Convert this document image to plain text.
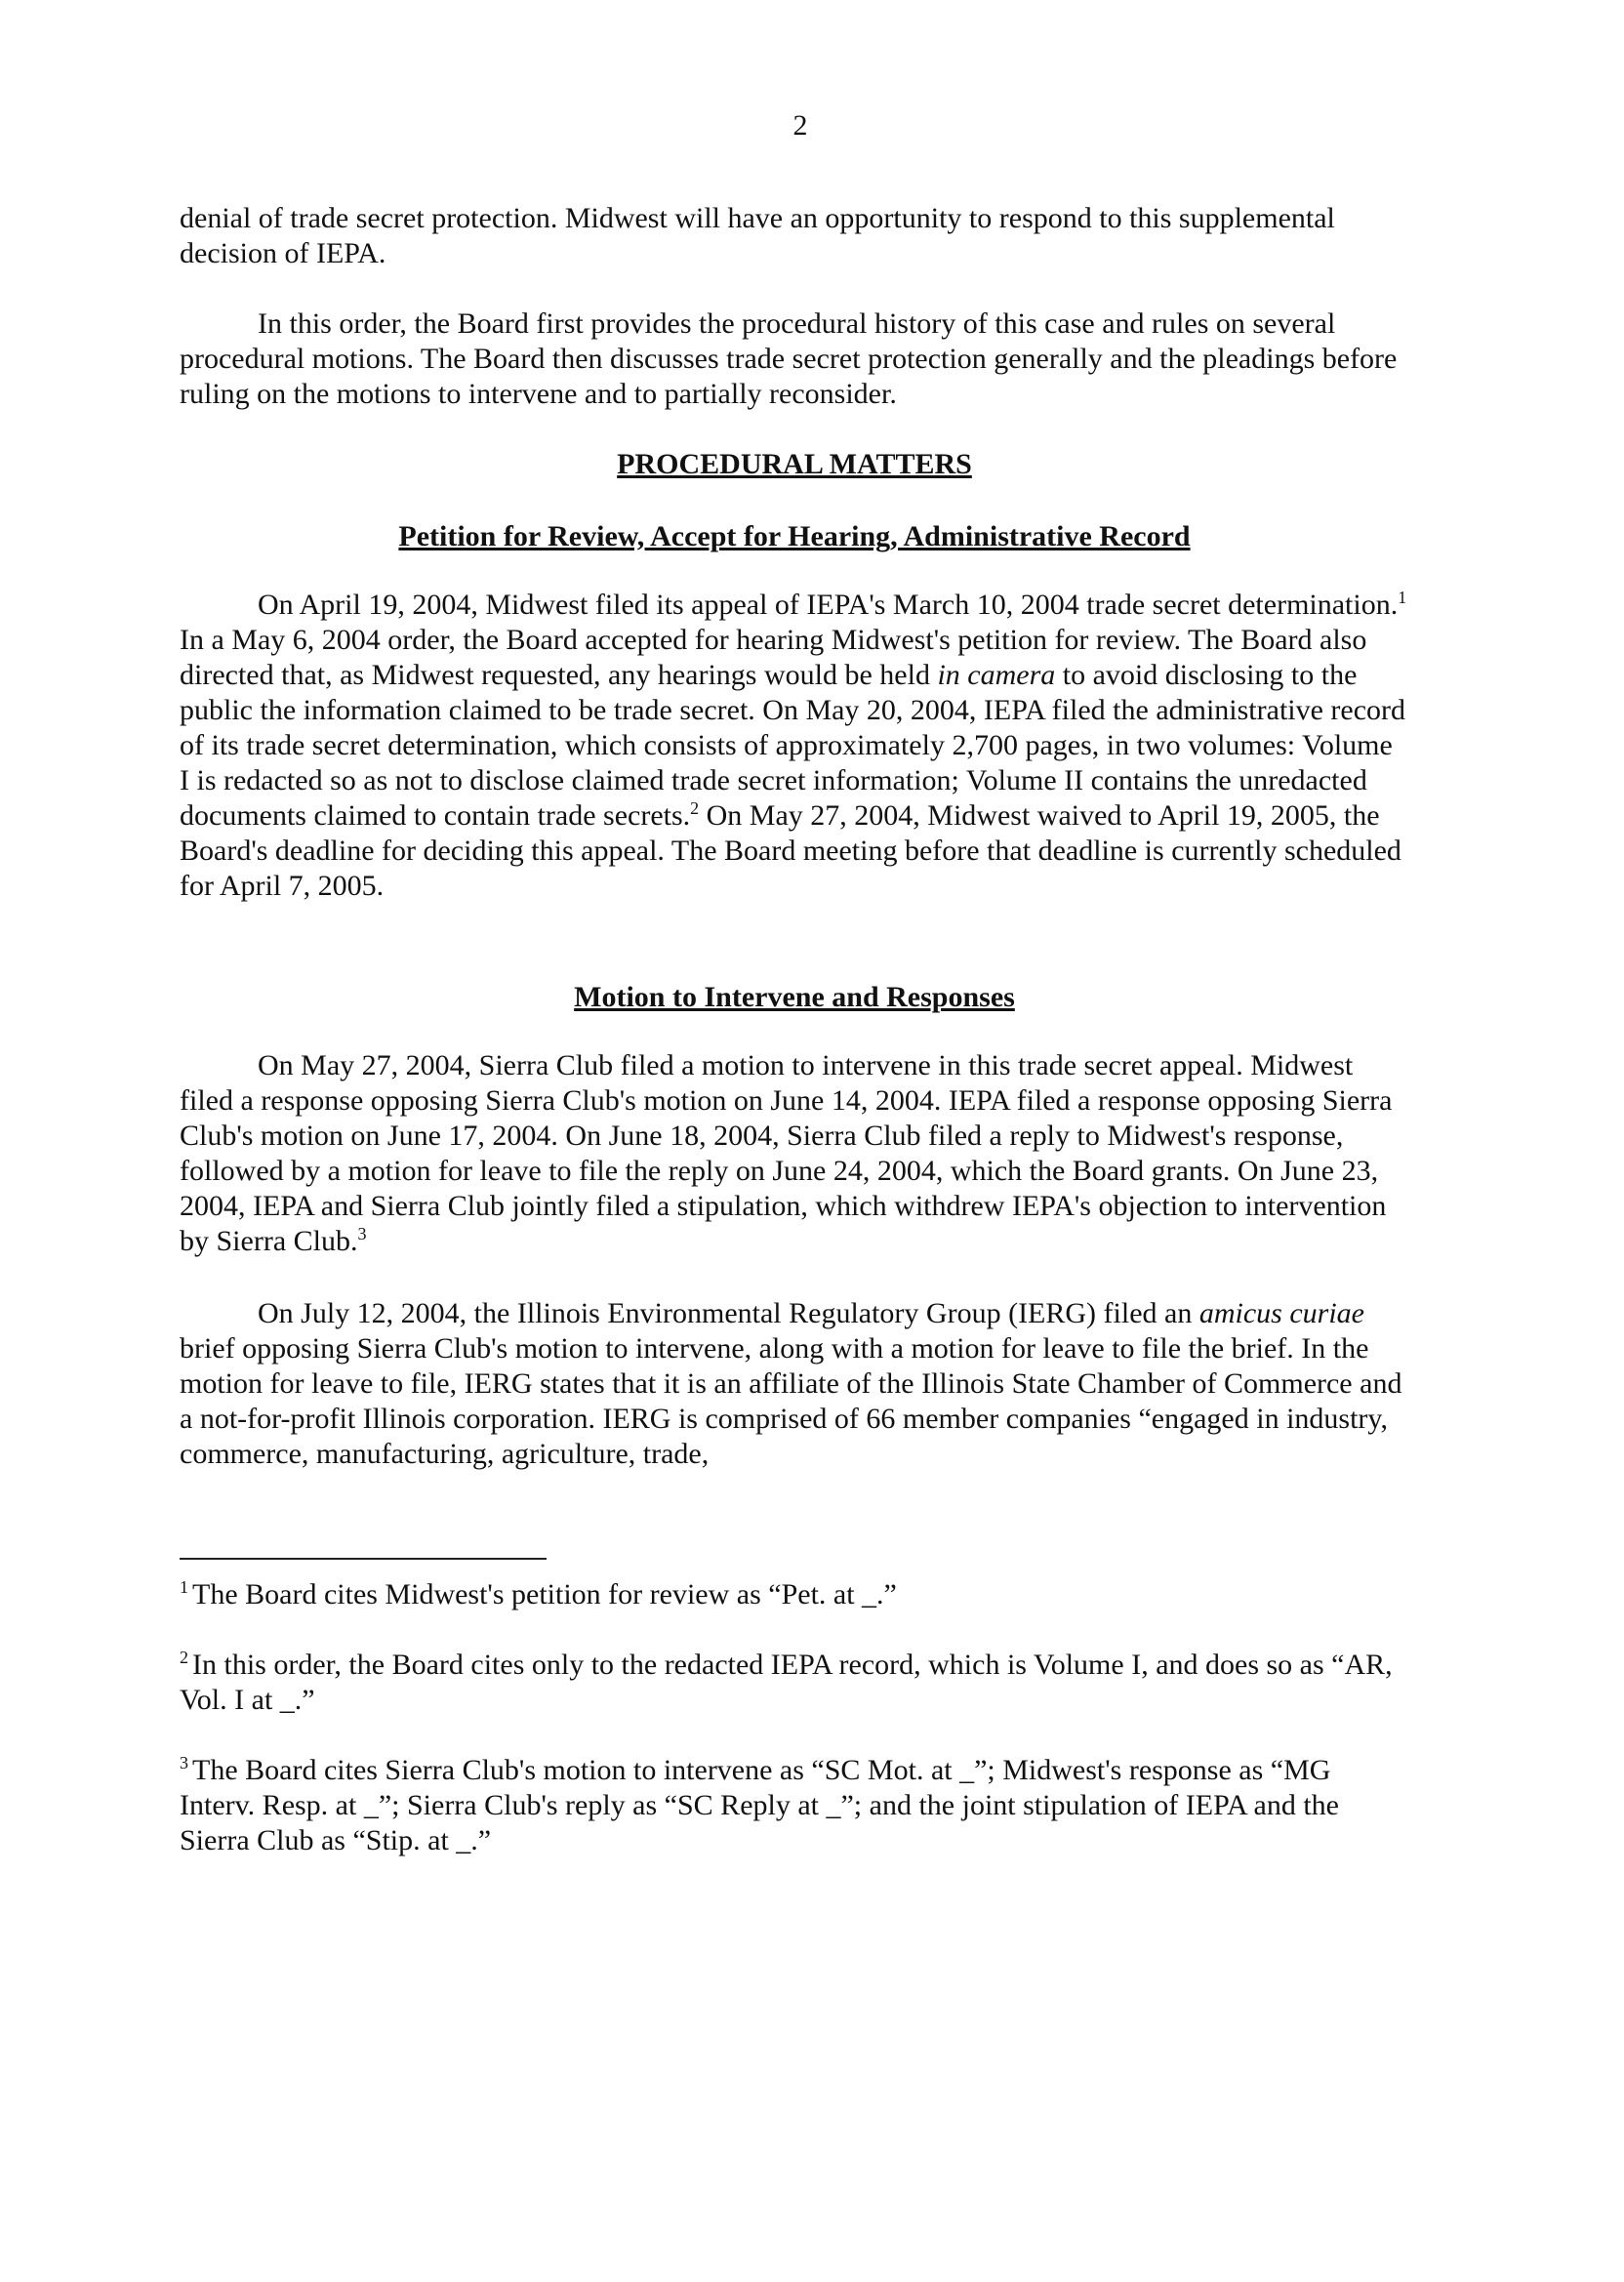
2

denial of trade secret protection. Midwest will have an opportunity to respond to this supplemental decision of IEPA.

In this order, the Board first provides the procedural history of this case and rules on several procedural motions. The Board then discusses trade secret protection generally and the pleadings before ruling on the motions to intervene and to partially reconsider.

PROCEDURAL MATTERS
Petition for Review, Accept for Hearing, Administrative Record

On April 19, 2004, Midwest filed its appeal of IEPA's March 10, 2004 trade secret determination.$^1$ In a May 6, 2004 order, the Board accepted for hearing Midwest's petition for review. The Board also directed that, as Midwest requested, any hearings would be held in camera to avoid disclosing to the public the information claimed to be trade secret. On May 20, 2004, IEPA filed the administrative record of its trade secret determination, which consists of approximately 2,700 pages, in two volumes: Volume I is redacted so as not to disclose claimed trade secret information; Volume II contains the unredacted documents claimed to contain trade secrets.$^2$ On May 27, 2004, Midwest waived to April 19, 2005, the Board's deadline for deciding this appeal. The Board meeting before that deadline is currently scheduled for April 7, 2005.

Motion to Intervene and Responses

On May 27, 2004, Sierra Club filed a motion to intervene in this trade secret appeal. Midwest filed a response opposing Sierra Club's motion on June 14, 2004. IEPA filed a response opposing Sierra Club's motion on June 17, 2004. On June 18, 2004, Sierra Club filed a reply to Midwest's response, followed by a motion for leave to file the reply on June 24, 2004, which the Board grants. On June 23, 2004, IEPA and Sierra Club jointly filed a stipulation, which withdrew IEPA's objection to intervention by Sierra Club.$^3$

On July 12, 2004, the Illinois Environmental Regulatory Group (IERG) filed an amicus curiae brief opposing Sierra Club's motion to intervene, along with a motion for leave to file the brief. In the motion for leave to file, IERG states that it is an affiliate of the Illinois State Chamber of Commerce and a not-for-profit Illinois corporation. IERG is comprised of 66 member companies “engaged in industry, commerce, manufacturing, agriculture, trade,

$^1$ The Board cites Midwest's petition for review as “Pet. at _.”

$^2$ In this order, the Board cites only to the redacted IEPA record, which is Volume I, and does so as “AR, Vol. I at _.”

$^3$ The Board cites Sierra Club's motion to intervene as “SC Mot. at _”; Midwest's response as “MG Interv. Resp. at _”; Sierra Club's reply as “SC Reply at _”; and the joint stipulation of IEPA and the Sierra Club as “Stip. at _.”
